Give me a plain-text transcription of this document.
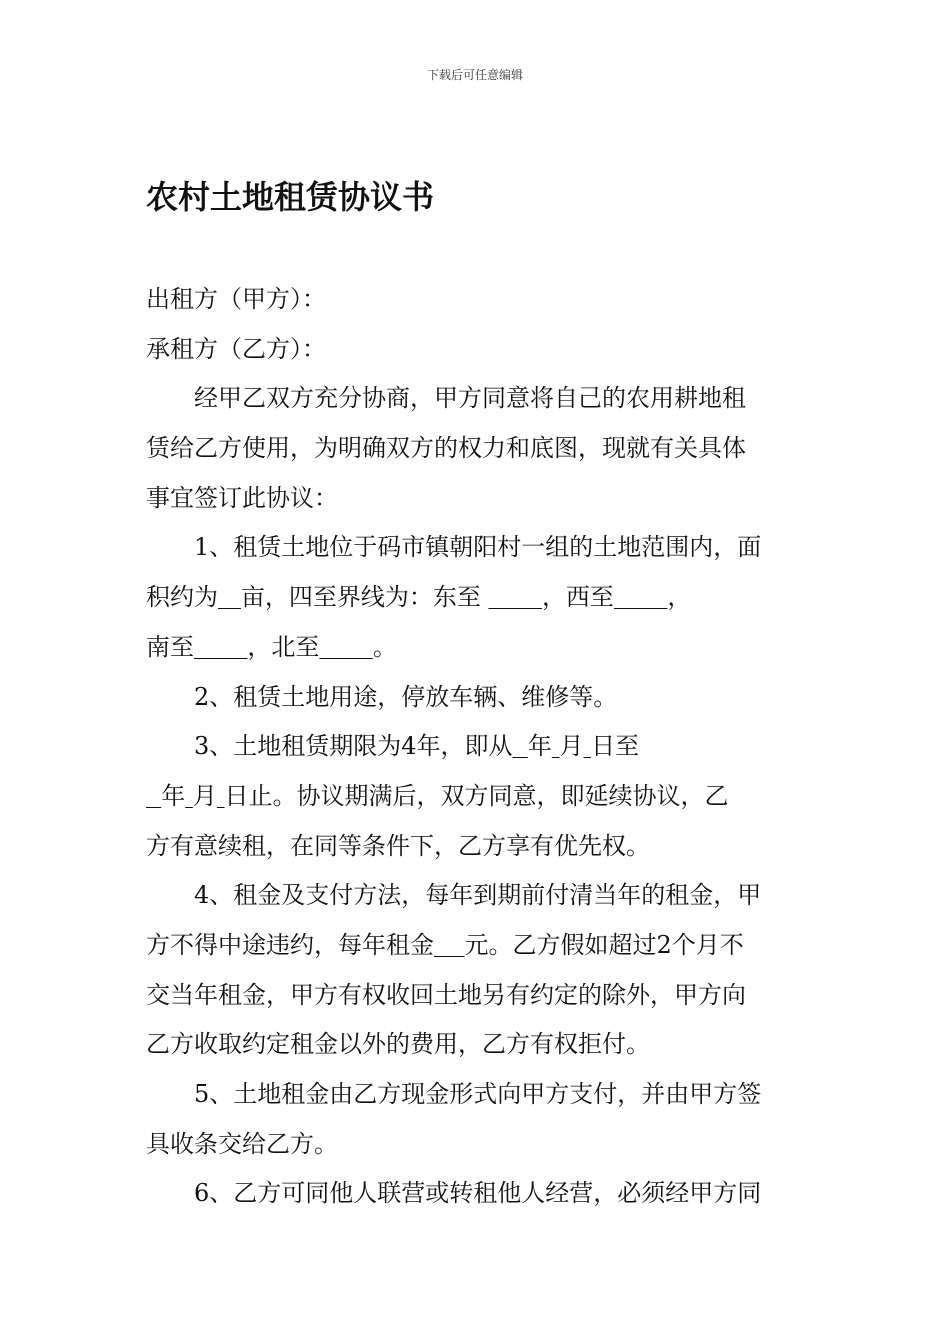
下载后可任意编辑
农村土地租赁协议书
出租方（甲方）：
承租方（乙方）：
经甲乙双方充分协商，甲方同意将自己的农用耕地租
赁给乙方使用，为明确双方的权力和底图，现就有关具体
事宜签订此协议：
1、租赁土地位于码市镇朝阳村一组的土地范围内，面
积约为 亩，四至界线为：东至	，西至 ，
南至 ，北至 。
2、租赁土地用途，停放车辆、维修等。
3、土地租赁期限为4年，即从 年 月 日至
年 月 日止。协议期满后，双方同意，即延续协议，乙
方有意续租，在同等条件下，乙方享有优先权。
4、租金及支付方法，每年到期前付清当年的租金，甲
方不得中途违约，每年租金 元。乙方假如超过2个月不
交当年租金，甲方有权收回土地另有约定的除外，甲方向
乙方收取约定租金以外的费用，乙方有权拒付。
5、土地租金由乙方现金形式向甲方支付，并由甲方签
具收条交给乙方。
6、乙方可同他人联营或转租他人经营，必须经甲方同
